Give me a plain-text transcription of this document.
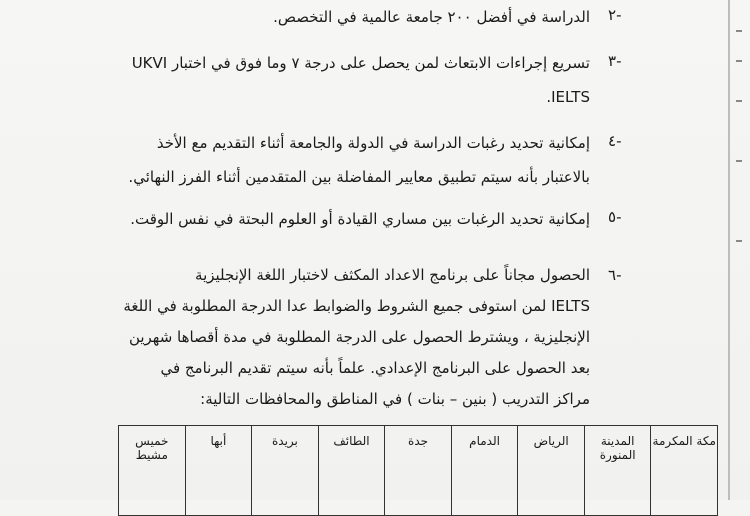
٢-
الدراسة في أفضل ٢٠٠ جامعة عالمية في التخصص.
٣-
تسريع إجراءات الابتعاث لمن يحصل على درجة ٧ وما فوق في اختبار UKVI
IELTS.
٤-
إمكانية تحديد رغبات الدراسة في الدولة والجامعة أثناء التقديم مع الأخذ
بالاعتبار بأنه سيتم تطبيق معايير المفاضلة بين المتقدمين أثناء الفرز النهائي.
٥-
إمكانية تحديد الرغبات بين مساري القيادة أو العلوم البحتة في نفس الوقت.
٦-
الحصول مجاناً على برنامج الاعداد المكثف لاختبار اللغة الإنجليزية
IELTS لمن استوفى جميع الشروط والضوابط عدا الدرجة المطلوبة في اللغة
الإنجليزية ، ويشترط الحصول على الدرجة المطلوبة في مدة أقصاها شهرين
بعد الحصول على البرنامج الإعدادي. علماً بأنه سيتم تقديم البرنامج في
مراكز التدريب ( بنين – بنات ) في المناطق والمحافظات التالية:
مكة المكرمة	المدينة المنورة	الرياض	الدمام	جدة	الطائف	بريدة	أبها	خميس مشيط
